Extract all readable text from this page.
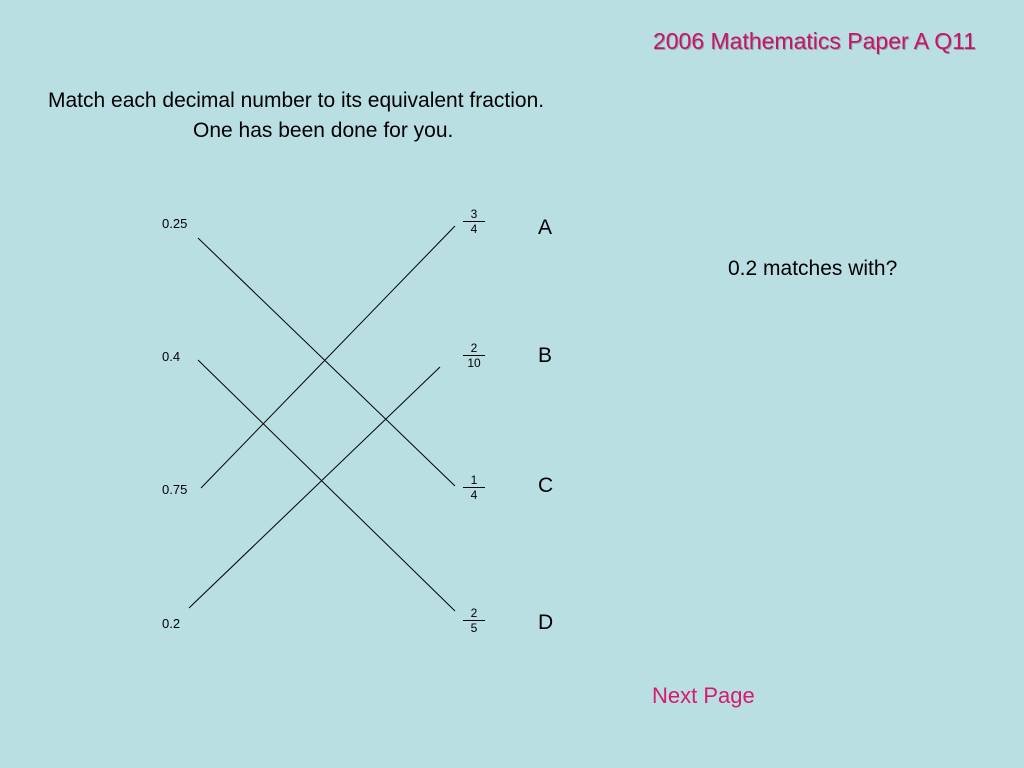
2006 Mathematics Paper A Q11
Match each decimal number to its equivalent fraction.
One has been done for you.
0.25
0.4
0.75
0.2
$\frac{3}{4}$
$\frac{2}{10}$
$\frac{1}{4}$
$\frac{2}{5}$
A
B
C
D
0.2 matches with?
Next Page
